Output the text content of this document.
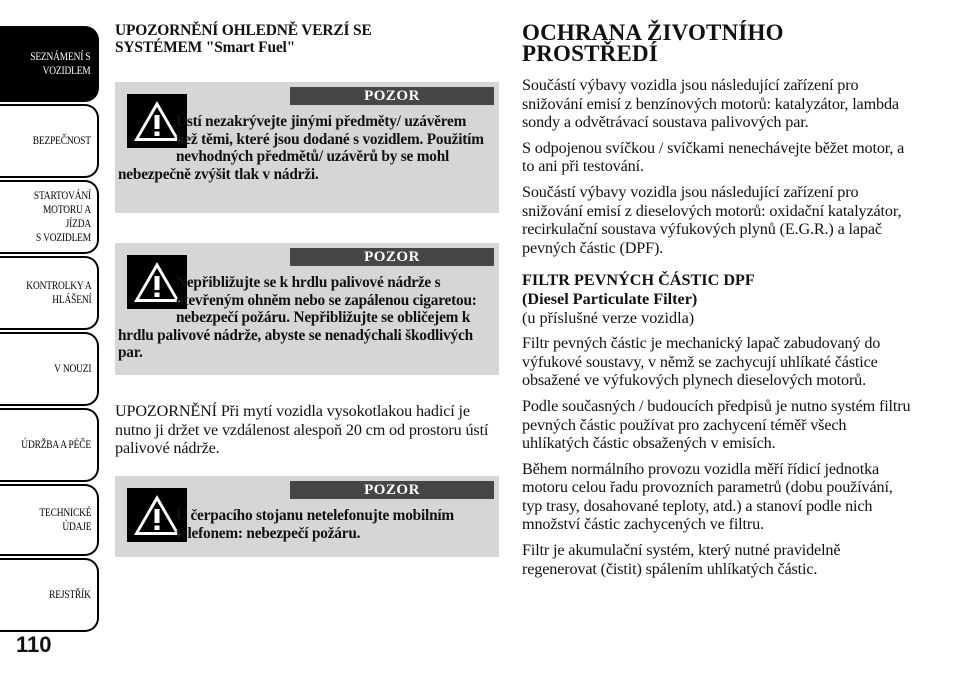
SEZNÁMENÍ S
VOZIDLEM
BEZPEČNOST
STARTOVÁNÍ
MOTORU A JÍZDA
S VOZIDLEM
KONTROLKY A
HLÁŠENÍ
V NOUZI
ÚDRŽBA A PÉČE
TECHNICKÉ
ÚDAJE
REJSTŘÍK
110

UPOZORNĚNÍ OHLEDNĚ VERZÍ SE SYSTÉMEM "Smart Fuel"

POZOR
Ústí nezakrývejte jinými předměty/ uzávěrem než těmi, které jsou dodané s vozidlem. Použitím nevhodných předmětů/ uzávěrů by se mohl nebezpečně zvýšit tlak v nádrži.
POZOR
Nepřibližujte se k hrdlu palivové nádrže s otevřeným ohněm nebo se zapálenou cigaretou: nebezpečí požáru. Nepřibližujte se obličejem k hrdlu palivové nádrže, abyste se nenadýchali škodlivých par.

UPOZORNĚNÍ Při mytí vozidla vysokotlakou hadicí je nutno ji držet ve vzdálenost alespoň 20 cm od prostoru ústí palivové nádrže.

POZOR
U čerpacího stojanu netelefonujte mobilním telefonem: nebezpečí požáru.

OCHRANA ŽIVOTNÍHO PROSTŘEDÍ

Součástí výbavy vozidla jsou následující zařízení pro snižování emisí z benzínových motorů: katalyzátor, lambda sondy a odvětrávací soustava palivových par.

S odpojenou svíčkou / svíčkami nenechávejte běžet motor, a to ani při testování.

Součástí výbavy vozidla jsou následující zařízení pro snižování emisí z dieselových motorů: oxidační katalyzátor, recirkulační soustava výfukových plynů (E.G.R.) a lapač pevných částic (DPF).

FILTR PEVNÝCH ČÁSTIC DPF

(Diesel Particulate Filter)

(u příslušné verze vozidla)

Filtr pevných částic je mechanický lapač zabudovaný do výfukové soustavy, v němž se zachycují uhlíkaté částice obsažené ve výfukových plynech dieselových motorů.

Podle současných / budoucích předpisů je nutno systém filtru pevných částic používat pro zachycení téměř všech uhlíkatých částic obsažených v emisích.

Během normálního provozu vozidla měří řídicí jednotka motoru celou řadu provozních parametrů (dobu používání, typ trasy, dosahované teploty, atd.) a stanoví podle nich množství částic zachycených ve filtru.

Filtr je akumulační systém, který nutné pravidelně regenerovat (čistit) spálením uhlíkatých částic.
